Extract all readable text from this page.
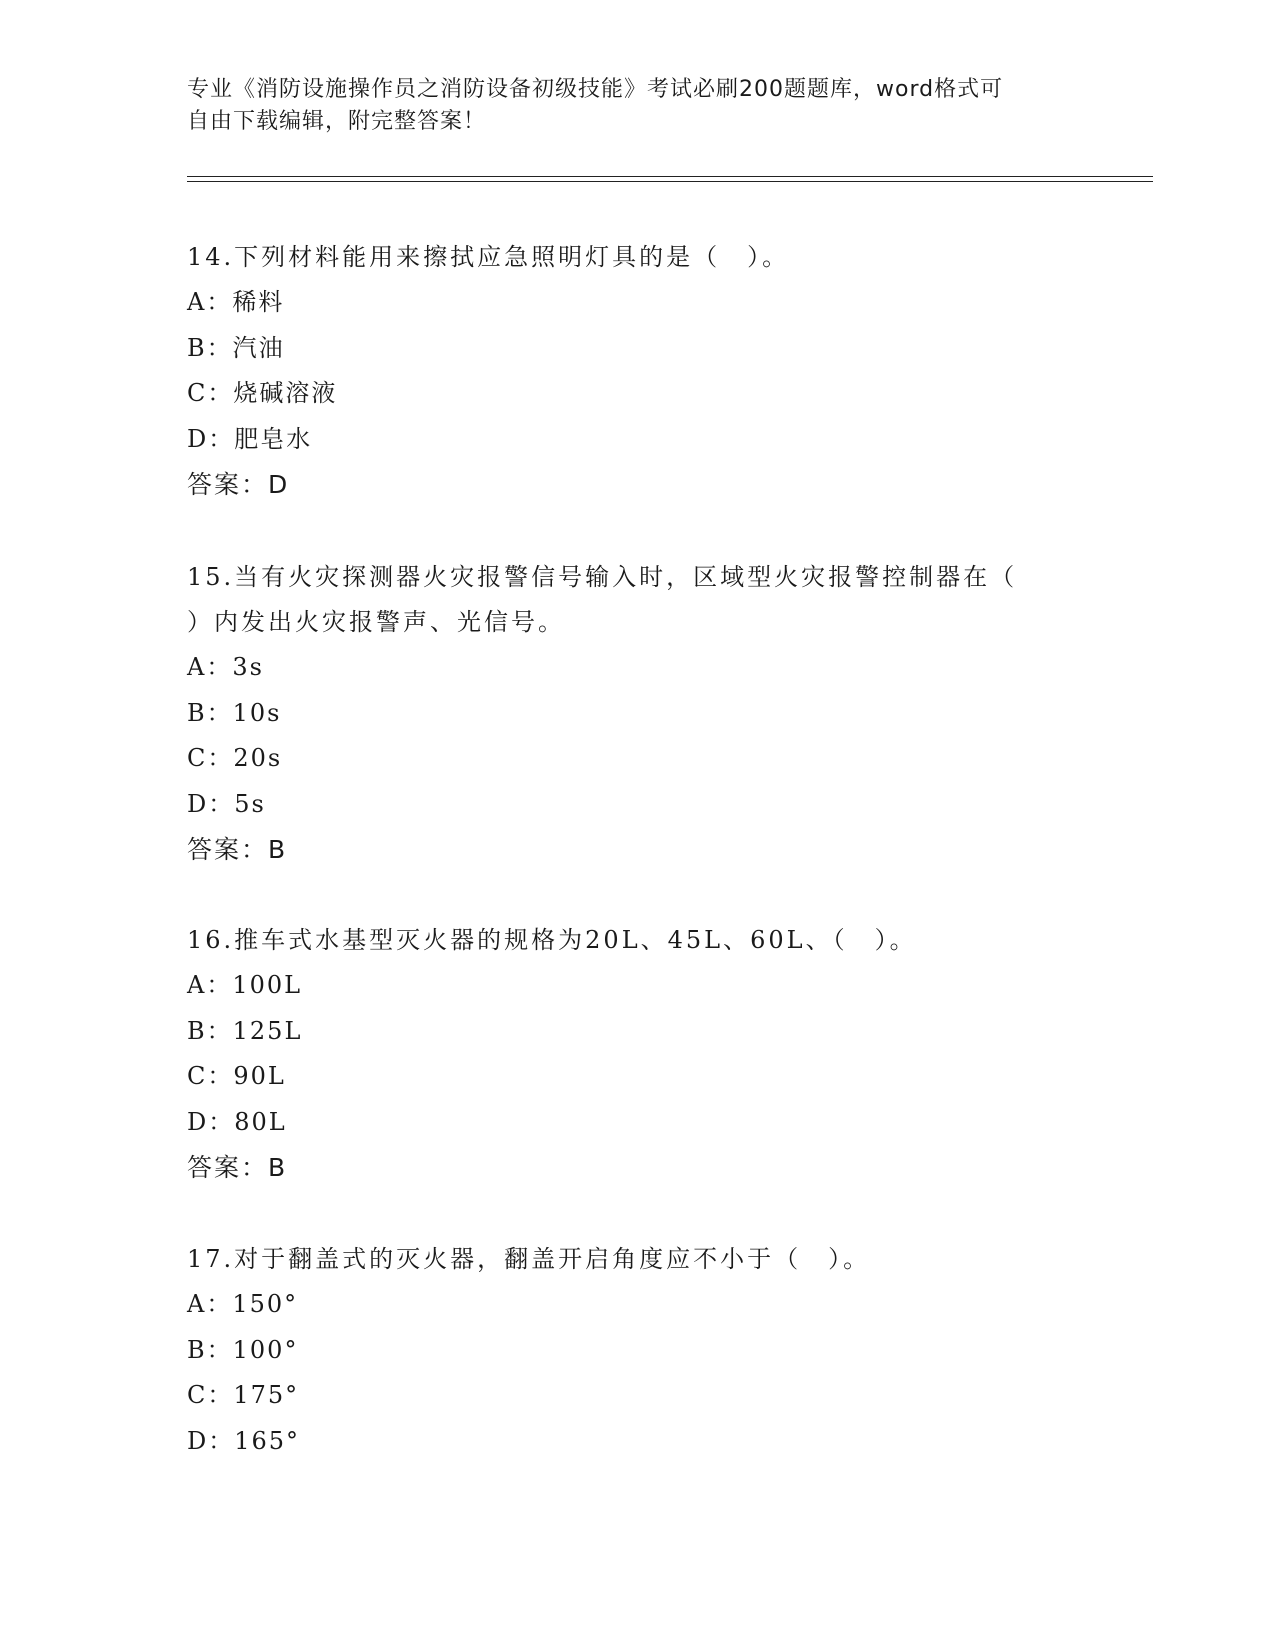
专业《消防设施操作员之消防设备初级技能》考试必刷200题题库，word格式可
自由下载编辑，附完整答案！

14.下列材料能用来擦拭应急照明灯具的是（　）。

A：稀料

B：汽油

C：烧碱溶液

D：肥皂水

答案：D

15.当有火灾探测器火灾报警信号输入时，区域型火灾报警控制器在（

）内发出火灾报警声、光信号。

A：3s

B：10s

C：20s

D：5s

答案：B

16.推车式水基型灭火器的规格为20L、45L、60L、（　）。

A：100L

B：125L

C：90L

D：80L

答案：B

17.对于翻盖式的灭火器，翻盖开启角度应不小于（　）。

A：150°

B：100°

C：175°

D：165°
